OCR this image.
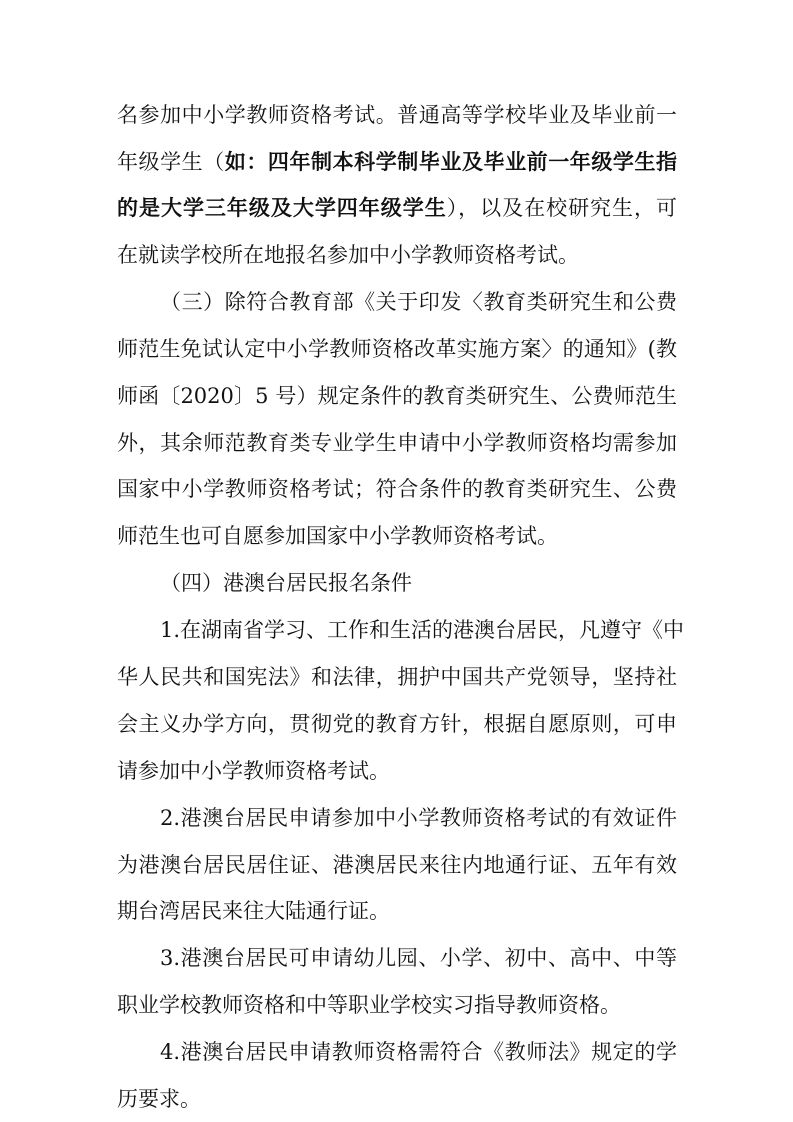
名参加中小学教师资格考试。普通高等学校毕业及毕业前一
年级学生（如：四年制本科学制毕业及毕业前一年级学生指
的是大学三年级及大学四年级学生），以及在校研究生，可
在就读学校所在地报名参加中小学教师资格考试。
（三）除符合教育部《关于印发〈教育类研究生和公费
师范生免试认定中小学教师资格改革实施方案〉的通知》(教
师函〔2020〕5 号）规定条件的教育类研究生、公费师范生
外，其余师范教育类专业学生申请中小学教师资格均需参加
国家中小学教师资格考试；符合条件的教育类研究生、公费
师范生也可自愿参加国家中小学教师资格考试。
（四）港澳台居民报名条件
1.在湖南省学习、工作和生活的港澳台居民，凡遵守《中
华人民共和国宪法》和法律，拥护中国共产党领导，坚持社
会主义办学方向，贯彻党的教育方针，根据自愿原则，可申
请参加中小学教师资格考试。
2.港澳台居民申请参加中小学教师资格考试的有效证件
为港澳台居民居住证、港澳居民来往内地通行证、五年有效
期台湾居民来往大陆通行证。
3.港澳台居民可申请幼儿园、小学、初中、高中、中等
职业学校教师资格和中等职业学校实习指导教师资格。
4.港澳台居民申请教师资格需符合《教师法》规定的学
历要求。
